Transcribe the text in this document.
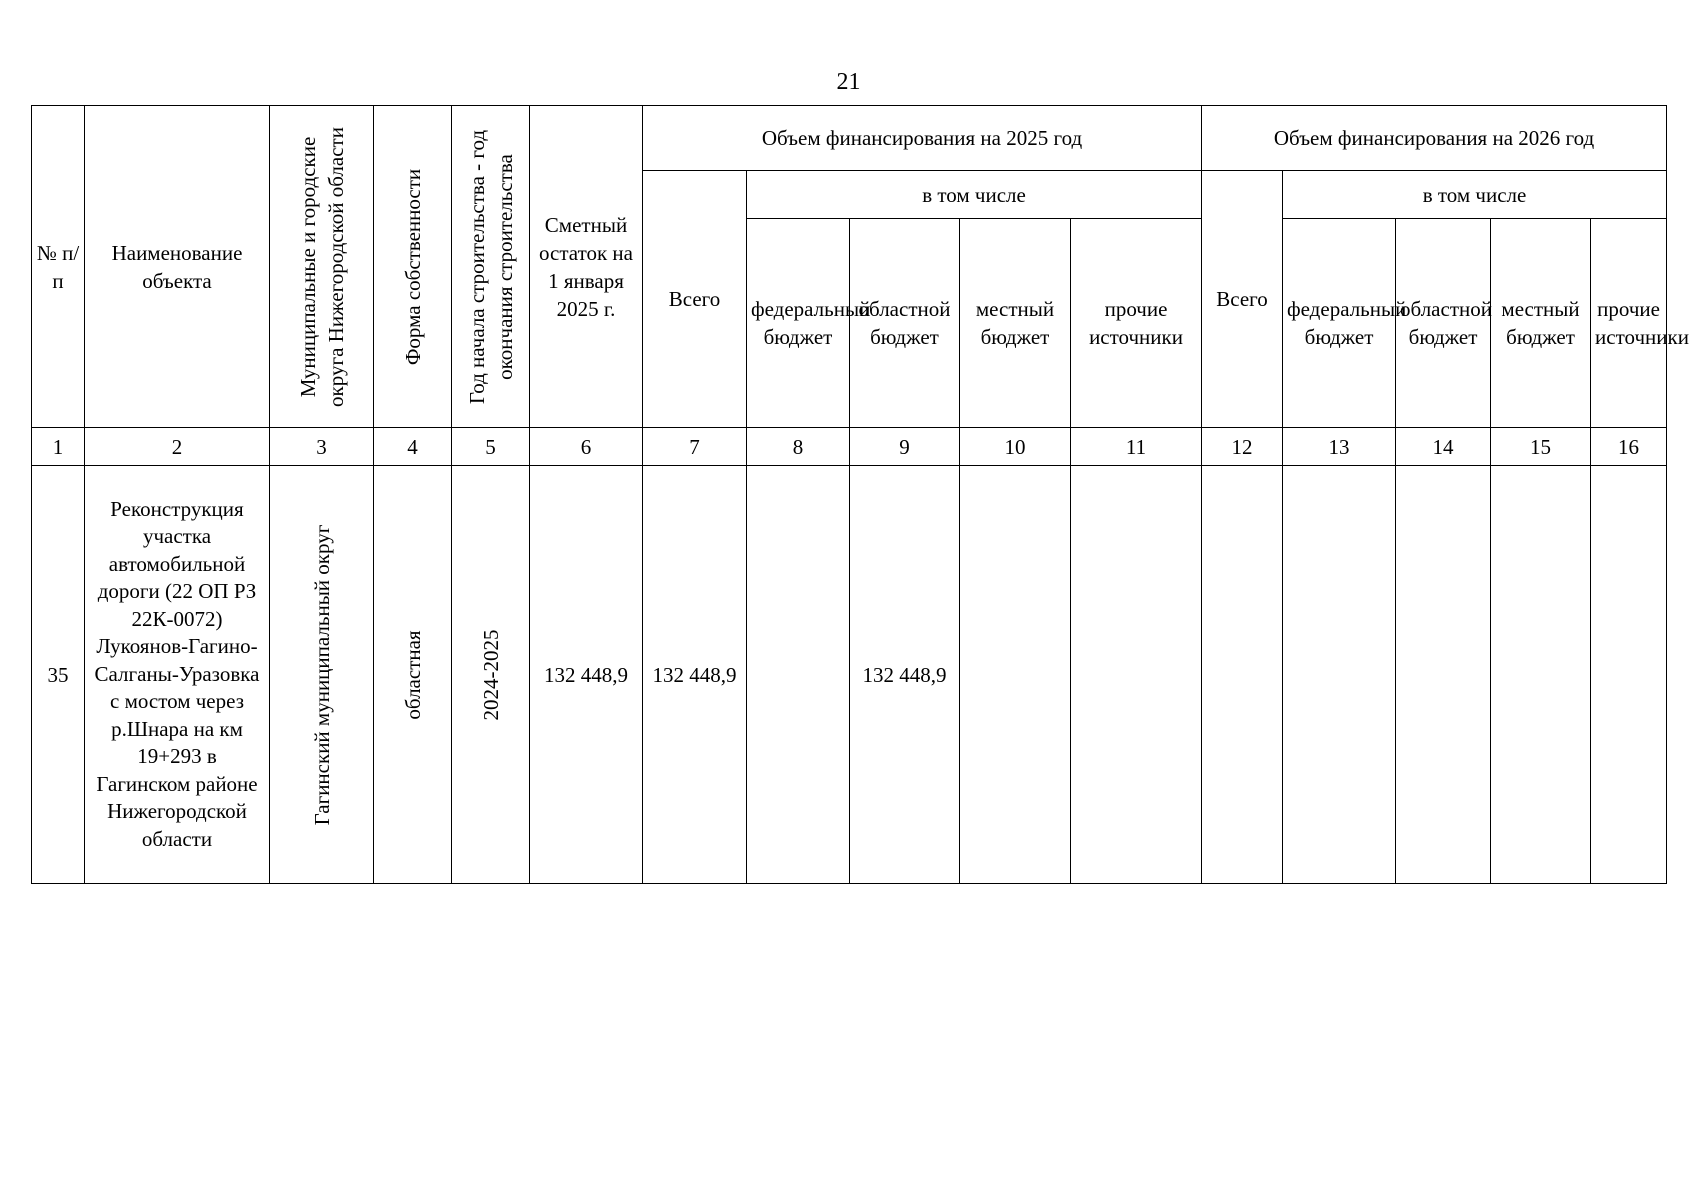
21
№ п/п	Наименование объекта	Муниципальные и городские округа Нижегородской области	Форма собственности	Год начала строительства - год окончания строительства	Сметный остаток на 1 января 2025 г.	Объем финансирования на 2025 год					Объем финансирования на 2026 год				
						Всего	в том числе				Всего	в том числе			
							федеральный бюджет	областной бюджет	местный бюджет	прочие источники		федеральный бюджет	областной бюджет	местный бюджет	прочие источники
1	2	3	4	5	6	7	8	9	10	11	12	13	14	15	16
35	Реконструкция участка автомобильной дороги (22 ОП РЗ 22К-0072) Лукоянов-Гагино-Салганы-Уразовка с мостом через р.Шнара на км 19+293 в Гагинском районе Нижегородской области	Гагинский муниципальный округ	областная	2024-2025	132 448,9	132 448,9		132 448,9							
